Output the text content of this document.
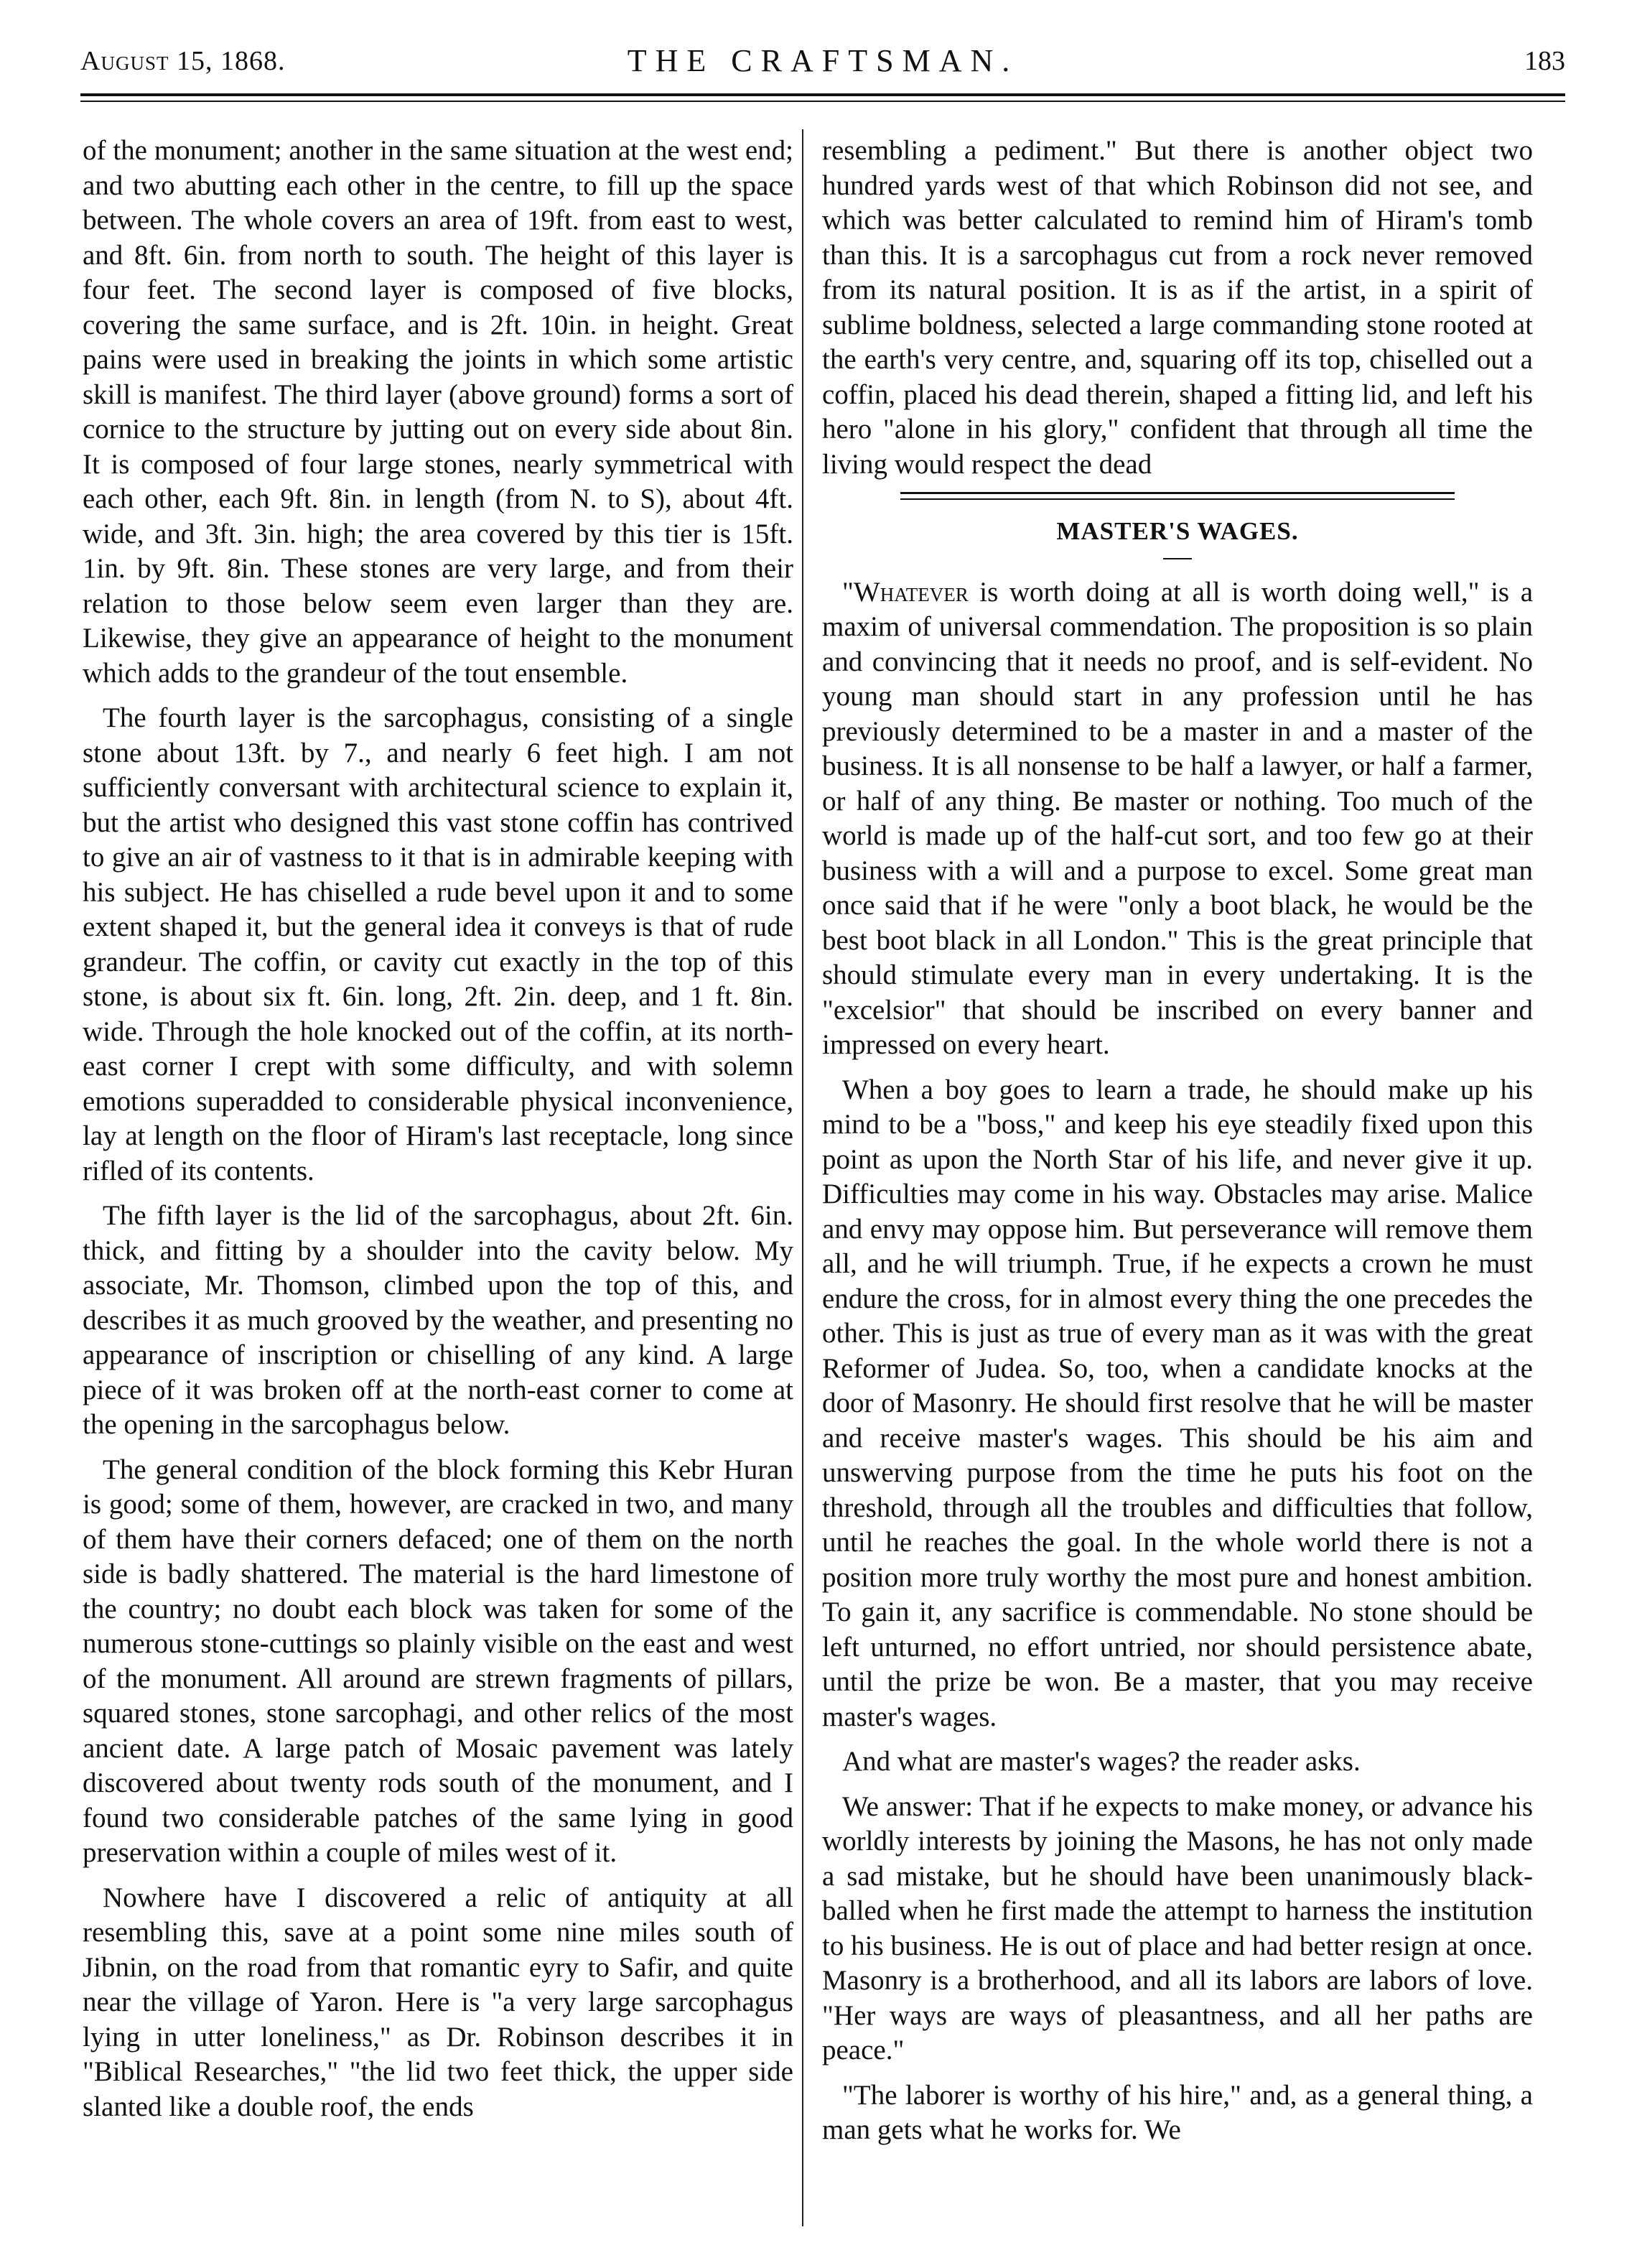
August 15, 1868.	THE CRAFTSMAN.	183

of the monument; another in the same situation at the west end; and two abutting each other in the centre, to fill up the space between. The whole covers an area of 19ft. from east to west, and 8ft. 6in. from north to south. The height of this layer is four feet. The second layer is composed of five blocks, covering the same surface, and is 2ft. 10in. in height. Great pains were used in breaking the joints in which some artistic skill is manifest. The third layer (above ground) forms a sort of cornice to the structure by jutting out on every side about 8in. It is composed of four large stones, nearly symmetrical with each other, each 9ft. 8in. in length (from N. to S), about 4ft. wide, and 3ft. 3in. high; the area covered by this tier is 15ft. 1in. by 9ft. 8in. These stones are very large, and from their relation to those below seem even larger than they are. Likewise, they give an appearance of height to the monument which adds to the grandeur of the tout ensemble.

The fourth layer is the sarcophagus, consisting of a single stone about 13ft. by 7., and nearly 6 feet high. I am not sufficiently conversant with architectural science to explain it, but the artist who designed this vast stone coffin has contrived to give an air of vastness to it that is in admirable keeping with his subject. He has chiselled a rude bevel upon it and to some extent shaped it, but the general idea it conveys is that of rude grandeur. The coffin, or cavity cut exactly in the top of this stone, is about six ft. 6in. long, 2ft. 2in. deep, and 1 ft. 8in. wide. Through the hole knocked out of the coffin, at its north-east corner I crept with some difficulty, and with solemn emotions superadded to considerable physical inconvenience, lay at length on the floor of Hiram's last receptacle, long since rifled of its contents.

The fifth layer is the lid of the sarcophagus, about 2ft. 6in. thick, and fitting by a shoulder into the cavity below. My associate, Mr. Thomson, climbed upon the top of this, and describes it as much grooved by the weather, and presenting no appearance of inscription or chiselling of any kind. A large piece of it was broken off at the north-east corner to come at the opening in the sarcophagus below.

The general condition of the block forming this Kebr Huran is good; some of them, however, are cracked in two, and many of them have their corners defaced; one of them on the north side is badly shattered. The material is the hard limestone of the country; no doubt each block was taken for some of the numerous stone-cuttings so plainly visible on the east and west of the monument. All around are strewn fragments of pillars, squared stones, stone sarcophagi, and other relics of the most ancient date. A large patch of Mosaic pavement was lately discovered about twenty rods south of the monument, and I found two considerable patches of the same lying in good preservation within a couple of miles west of it.

Nowhere have I discovered a relic of antiquity at all resembling this, save at a point some nine miles south of Jibnin, on the road from that romantic eyry to Safir, and quite near the village of Yaron. Here is "a very large sarcophagus lying in utter loneliness," as Dr. Robinson describes it in "Biblical Researches," "the lid two feet thick, the upper side slanted like a double roof, the ends

resembling a pediment." But there is another object two hundred yards west of that which Robinson did not see, and which was better calculated to remind him of Hiram's tomb than this. It is a sarcophagus cut from a rock never removed from its natural position. It is as if the artist, in a spirit of sublime boldness, selected a large commanding stone rooted at the earth's very centre, and, squaring off its top, chiselled out a coffin, placed his dead therein, shaped a fitting lid, and left his hero "alone in his glory," confident that through all time the living would respect the dead

MASTER'S WAGES.

"Whatever is worth doing at all is worth doing well," is a maxim of universal commendation. The proposition is so plain and convincing that it needs no proof, and is self-evident. No young man should start in any profession until he has previously determined to be a master in and a master of the business. It is all nonsense to be half a lawyer, or half a farmer, or half of any thing. Be master or nothing. Too much of the world is made up of the half-cut sort, and too few go at their business with a will and a purpose to excel. Some great man once said that if he were "only a boot black, he would be the best boot black in all London." This is the great principle that should stimulate every man in every undertaking. It is the "excelsior" that should be inscribed on every banner and impressed on every heart.

When a boy goes to learn a trade, he should make up his mind to be a "boss," and keep his eye steadily fixed upon this point as upon the North Star of his life, and never give it up. Difficulties may come in his way. Obstacles may arise. Malice and envy may oppose him. But perseverance will remove them all, and he will triumph. True, if he expects a crown he must endure the cross, for in almost every thing the one precedes the other. This is just as true of every man as it was with the great Reformer of Judea. So, too, when a candidate knocks at the door of Masonry. He should first resolve that he will be master and receive master's wages. This should be his aim and unswerving purpose from the time he puts his foot on the threshold, through all the troubles and difficulties that follow, until he reaches the goal. In the whole world there is not a position more truly worthy the most pure and honest ambition. To gain it, any sacrifice is commendable. No stone should be left unturned, no effort untried, nor should persistence abate, until the prize be won. Be a master, that you may receive master's wages.

And what are master's wages? the reader asks.

We answer: That if he expects to make money, or advance his worldly interests by joining the Masons, he has not only made a sad mistake, but he should have been unanimously black-balled when he first made the attempt to harness the institution to his business. He is out of place and had better resign at once. Masonry is a brotherhood, and all its labors are labors of love. "Her ways are ways of pleasantness, and all her paths are peace."

"The laborer is worthy of his hire," and, as a general thing, a man gets what he works for. We
